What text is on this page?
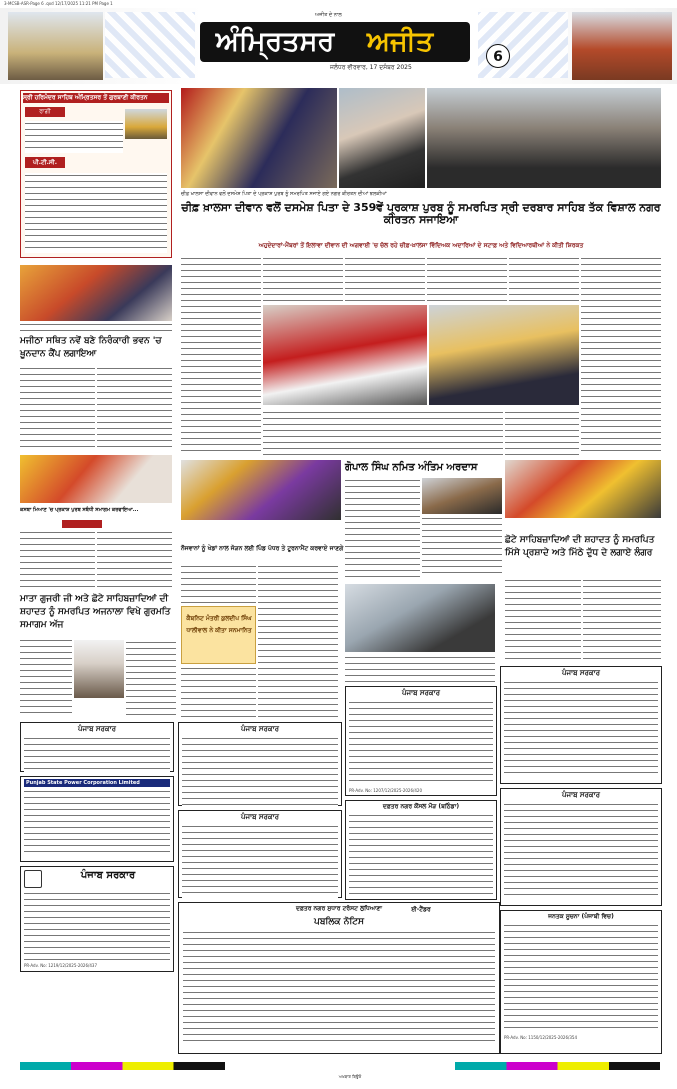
3-MCSB-ASR-Page 6 .qxd 12/17/2025 11:21 PM Page 1
ਅਜੀਤ ਦੇ ਨਾਲ
ਅੰਮ੍ਰਿਤਸਰ	ਅਜੀਤ
ਜਲੰਧਰ ਵੀਰਵਾਰ, 17 ਦਸੰਬਰ 2025
6
ਸ੍ਰੀ ਹਰਿਮੰਦਰ ਸਾਹਿਬ ਅੰਮ੍ਰਿਤਸਰ ਤੋਂ ਗੁਰਬਾਣੀ ਕੀਰਤਨ
ਰਾਗੀ
ਪੀ.ਟੀ.ਸੀ.
ਚੀਫ਼ ਖ਼ਾਲਸਾ ਦੀਵਾਨ ਵਲੋਂ ਦਸਮੇਸ਼ ਪਿਤਾ ਦੇ ਪ੍ਰਕਾਸ਼ ਪੁਰਬ ਨੂੰ ਸਮਰਪਿਤ ਸਜਾਏ ਗਏ ਨਗਰ ਕੀਰਤਨ ਦੀਆਂ ਝਲਕੀਆਂ
ਚੀਫ਼ ਖ਼ਾਲਸਾ ਦੀਵਾਨ ਵਲੋਂ ਦਸਮੇਸ਼ ਪਿਤਾ ਦੇ 359ਵੇਂ ਪ੍ਰਕਾਸ਼ ਪੁਰਬ ਨੂੰ ਸਮਰਪਿਤ ਸ੍ਰੀ ਦਰਬਾਰ ਸਾਹਿਬ ਤੱਕ ਵਿਸ਼ਾਲ ਨਗਰ ਕੀਰਤਨ ਸਜਾਇਆ
ਅਹੁਦੇਦਾਰਾਂ-ਮੈਂਬਰਾਂ ਤੋਂ ਇਲਾਵਾ ਦੀਵਾਨ ਦੀ ਅਗਵਾਈ 'ਚ ਚੱਲ ਰਹੇ ਚੀਫ਼-ਖ਼ਾਲਸਾ ਵਿੱਦਿਅਕ ਅਦਾਰਿਆਂ ਦੇ ਸਟਾਫ਼ ਅਤੇ ਵਿਦਿਆਰਥੀਆਂ ਨੇ ਕੀਤੀ ਸ਼ਿਰਕਤ
ਮਜੀਠਾ ਸਥਿਤ ਨਵੇਂ ਬਣੇ ਨਿਰੰਕਾਰੀ ਭਵਨ 'ਚ ਖ਼ੂਨਦਾਨ ਕੈਂਪ ਲਗਾਇਆ
ਕਸਬਾ ਮਿਆਣ 'ਚ ਪ੍ਰਕਾਸ਼ ਪੁਰਬ ਸਬੰਧੀ ਸਮਾਗਮ ਕਰਵਾਇਆ...
ਨੌਜਵਾਨਾਂ ਨੂੰ ਖੇਡਾਂ ਨਾਲ ਜੋੜਨ ਲਈ ਪਿੰਡ ਪੱਧਰ ਤੇ ਟੂਰਨਾਮੈਂਟ ਕਰਵਾਏ ਜਾਣਗੇ
ਕੈਬਨਿਟ ਮੰਤਰੀ ਕੁਲਦੀਪ ਸਿੰਘ ਧਾਲੀਵਾਲ ਨੇ ਕੀਤਾ ਸਨਮਾਨਿਤ
ਗੋਪਾਲ ਸਿੰਘ ਨਮਿਤ ਅੰਤਿਮ ਅਰਦਾਸ
ਛੋਟੇ ਸਾਹਿਬਜ਼ਾਦਿਆਂ ਦੀ ਸ਼ਹਾਦਤ ਨੂੰ ਸਮਰਪਿਤ ਮਿੱਸੇ ਪ੍ਰਸ਼ਾਦੇ ਅਤੇ ਮਿੱਠੇ ਦੁੱਧ ਦੇ ਲਗਾਏ ਲੰਗਰ
ਮਾਤਾ ਗੁਜਰੀ ਜੀ ਅਤੇ ਛੋਟੇ ਸਾਹਿਬਜ਼ਾਦਿਆਂ ਦੀ ਸ਼ਹਾਦਤ ਨੂੰ ਸਮਰਪਿਤ ਅਜਨਾਲਾ ਵਿਖੇ ਗੁਰਮਤਿ ਸਮਾਗਮ ਅੱਜ
ਪੰਜਾਬ ਸਰਕਾਰ
Punjab State Power Corporation Limited
ਪੰਜਾਬ ਸਰਕਾਰ
PR-Adv. No: 1219/12/2025-2026/437
ਪੰਜਾਬ ਸਰਕਾਰ
ਪੰਜਾਬ ਸਰਕਾਰ
ਦਫ਼ਤਰ ਨਗਰ ਸੁਧਾਰ ਟਰੱਸਟ ਲੁਧਿਆਣਾ
ਪਬਲਿਕ ਨੋਟਿਸ
ਪੰਜਾਬ ਸਰਕਾਰ
PR-Adv. No: 1207/12/2025-2026/420
ਦਫ਼ਤਰ ਨਗਰ ਕੌਂਸਲ ਮੌੜ (ਬਠਿੰਡਾ)
ਈ-ਟੈਂਡਰ
ਪੰਜਾਬ ਸਰਕਾਰ
ਪੰਜਾਬ ਸਰਕਾਰ
ਜਨਤਕ ਸੂਚਨਾ (ਪੰਜਾਬੀ ਵਿਚ)
PR-Adv. No: 1150/12/2025-2026/354
ਅਖ਼ਬਾਰ ਬਿਊਰੋ
